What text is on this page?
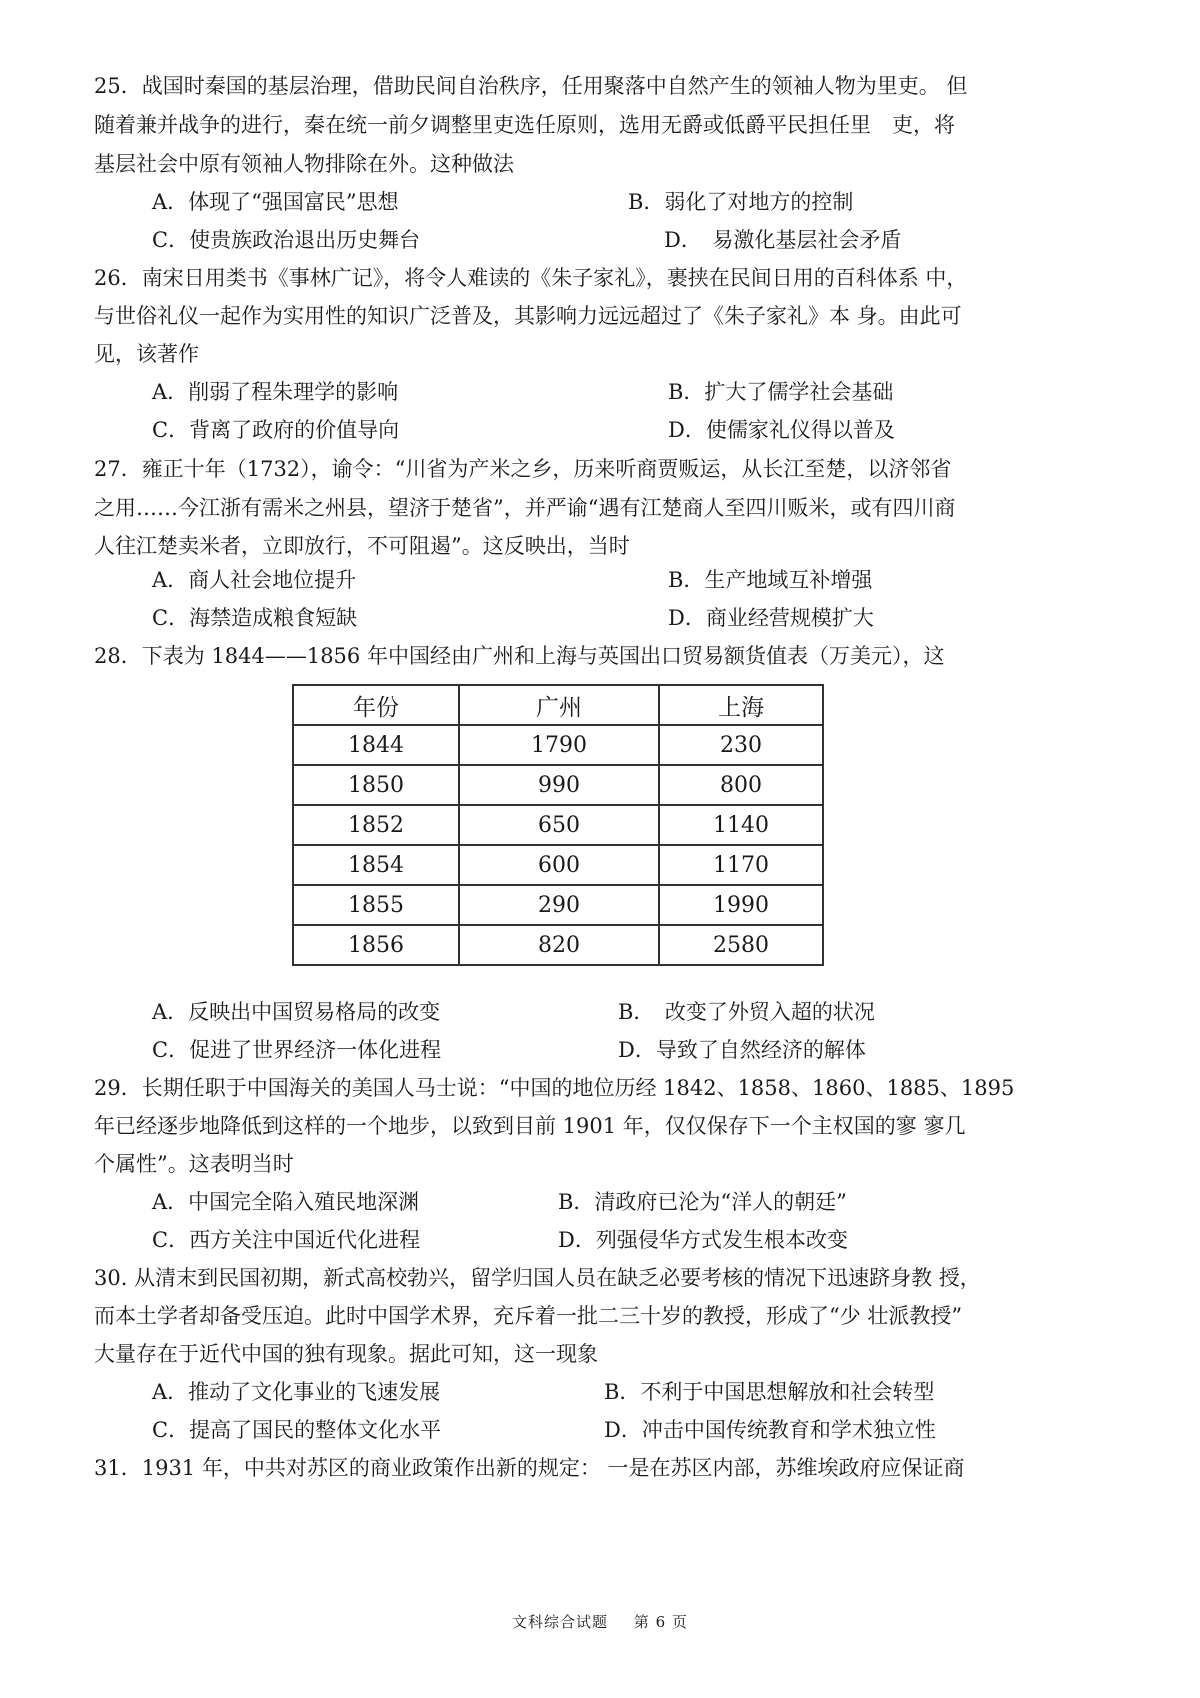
25．战国时秦国的基层治理，借助民间自治秩序，任用聚落中自然产生的领袖人物为里吏。 但
随着兼并战争的进行，秦在统一前夕调整里吏选任原则，选用无爵或低爵平民担任里　吏，将
基层社会中原有领袖人物排除在外。这种做法
A．体现了“强国富民”思想	B．弱化了对地方的控制
C．使贵族政治退出历史舞台	D．　易激化基层社会矛盾
26．南宋日用类书《事林广记》，将令人难读的《朱子家礼》，裹挟在民间日用的百科体系 中，
与世俗礼仪一起作为实用性的知识广泛普及，其影响力远远超过了《朱子家礼》本 身。由此可
见，该著作
A．削弱了程朱理学的影响	B．扩大了儒学社会基础
C．背离了政府的价值导向	D．使儒家礼仪得以普及
27．雍正十年（1732），谕令：“川省为产米之乡，历来听商贾贩运，从长江至楚，以济邻省
之用……今江浙有需米之州县，望济于楚省”，并严谕“遇有江楚商人至四川贩米，或有四川商
人往江楚卖米者，立即放行，不可阻遏”。这反映出，当时
A．商人社会地位提升	B．生产地域互补增强
C．海禁造成粮食短缺	D．商业经营规模扩大
28．下表为 1844——1856 年中国经由广州和上海与英国出口贸易额货值表（万美元），这
年份	广州	上海
1844	1790	230
1850	990	800
1852	650	1140
1854	600	1170
1855	290	1990
1856	820	2580
A．反映出中国贸易格局的改变	B．　改变了外贸入超的状况
C．促进了世界经济一体化进程	D．导致了自然经济的解体
29．长期任职于中国海关的美国人马士说：“中国的地位历经 1842、1858、1860、1885、1895
年已经逐步地降低到这样的一个地步，以致到目前 1901 年，仅仅保存下一个主权国的寥 寥几
个属性”。这表明当时
A．中国完全陷入殖民地深渊	B．清政府已沦为“洋人的朝廷”
C．西方关注中国近代化进程	D．列强侵华方式发生根本改变
30. 从清末到民国初期，新式高校勃兴，留学归国人员在缺乏必要考核的情况下迅速跻身教 授，
而本土学者却备受压迫。此时中国学术界，充斥着一批二三十岁的教授，形成了“少 壮派教授”
大量存在于近代中国的独有现象。据此可知，这一现象
A．推动了文化事业的飞速发展	B．不利于中国思想解放和社会转型
C．提高了国民的整体文化水平	D．冲击中国传统教育和学术独立性
31．1931 年，中共对苏区的商业政策作出新的规定： 一是在苏区内部，苏维埃政府应保证商
文科综合试题 第 6 页
